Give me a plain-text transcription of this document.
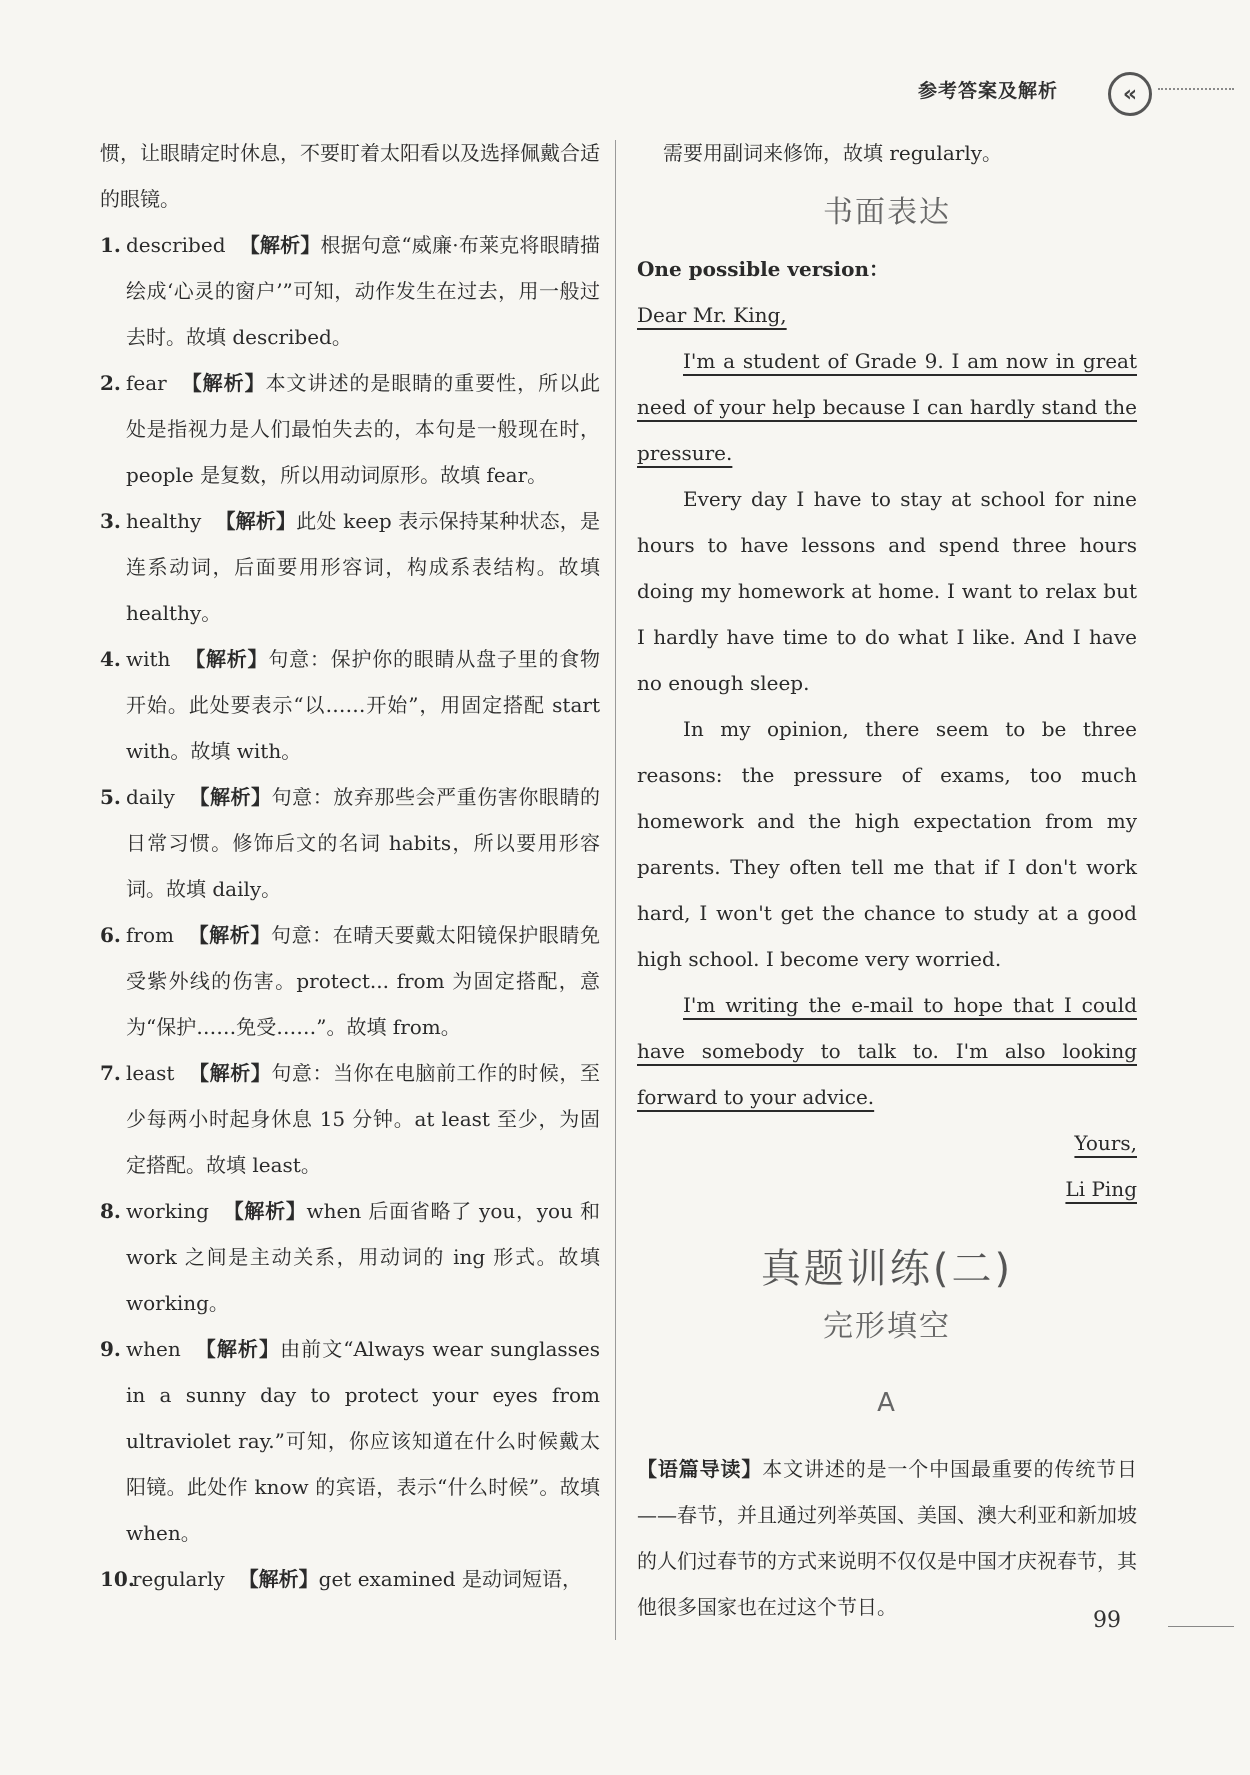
参考答案及解析	«

惯，让眼睛定时休息，不要盯着太阳看以及选择佩戴合适的眼镜。

1. described 【解析】根据句意“威廉·布莱克将眼睛描绘成‘心灵的窗户’”可知，动作发生在过去，用一般过去时。故填 described。

2. fear 【解析】本文讲述的是眼睛的重要性，所以此处是指视力是人们最怕失去的，本句是一般现在时，people 是复数，所以用动词原形。故填 fear。

3. healthy 【解析】此处 keep 表示保持某种状态，是连系动词，后面要用形容词，构成系表结构。故填 healthy。

4. with 【解析】句意：保护你的眼睛从盘子里的食物开始。此处要表示“以……开始”，用固定搭配 start with。故填 with。

5. daily 【解析】句意：放弃那些会严重伤害你眼睛的日常习惯。修饰后文的名词 habits，所以要用形容词。故填 daily。

6. from 【解析】句意：在晴天要戴太阳镜保护眼睛免受紫外线的伤害。protect... from 为固定搭配，意为“保护……免受……”。故填 from。

7. least 【解析】句意：当你在电脑前工作的时候，至少每两小时起身休息 15 分钟。at least 至少，为固定搭配。故填 least。

8. working 【解析】when 后面省略了 you，you 和 work 之间是主动关系，用动词的 ing 形式。故填 working。

9. when 【解析】由前文“Always wear sunglasses in a sunny day to protect your eyes from ultraviolet ray.”可知，你应该知道在什么时候戴太阳镜。此处作 know 的宾语，表示“什么时候”。故填 when。

10.
regularly 【解析】get examined 是动词短语，

需要用副词来修饰，故填 regularly。

书面表达

One possible version：

Dear Mr. King,

I'm a student of Grade 9. I am now in great need of your help because I can hardly stand the pressure.

Every day I have to stay at school for nine hours to have lessons and spend three hours doing my homework at home. I want to relax but I hardly have time to do what I like. And I have no enough sleep.

In my opinion, there seem to be three reasons: the pressure of exams, too much homework and the high expectation from my parents. They often tell me that if I don't work hard, I won't get the chance to study at a good high school. I become very worried.

I'm writing the e-mail to hope that I could have somebody to talk to. I'm also looking forward to your advice.

Yours,

Li Ping

真题训练(二)

完形填空

A

【语篇导读】本文讲述的是一个中国最重要的传统节日——春节，并且通过列举英国、美国、澳大利亚和新加坡的人们过春节的方式来说明不仅仅是中国才庆祝春节，其他很多国家也在过这个节日。

99
